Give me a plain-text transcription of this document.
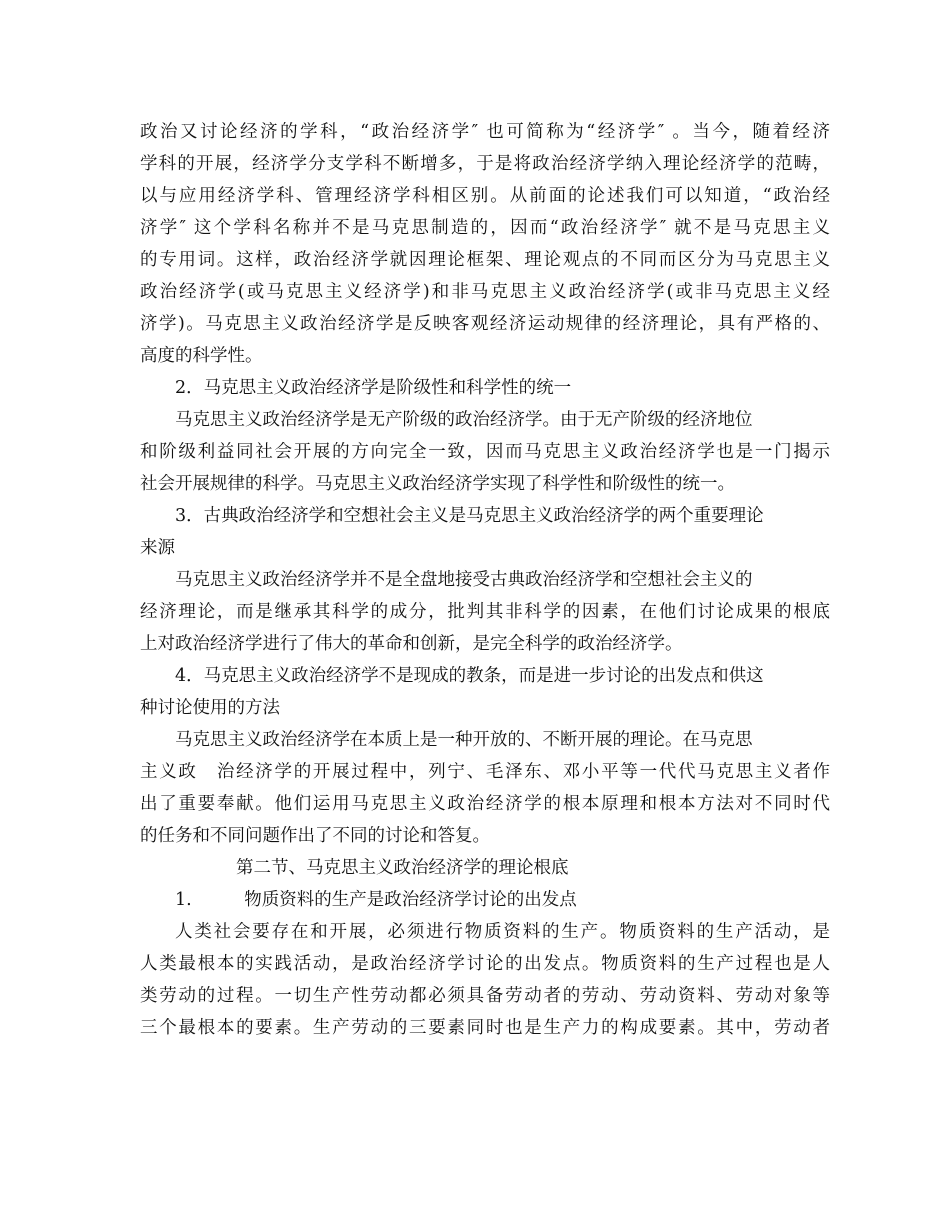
政治又讨论经济的学科，“政治经济学″ 也可简称为“经济学″ 。当今，随着经济
学科的开展，经济学分支学科不断增多，于是将政治经济学纳入理论经济学的范畴，
以与应用经济学科、管理经济学科相区别。从前面的论述我们可以知道，“政治经
济学″ 这个学科名称并不是马克思制造的，因而“政治经济学″ 就不是马克思主义
的专用词。这样，政治经济学就因理论框架、理论观点的不同而区分为马克思主义
政治经济学(或马克思主义经济学)和非马克思主义政治经济学(或非马克思主义经
济学)。马克思主义政治经济学是反映客观经济运动规律的经济理论，具有严格的、
高度的科学性。
2．马克思主义政治经济学是阶级性和科学性的统一
马克思主义政治经济学是无产阶级的政治经济学。由于无产阶级的经济地位
和阶级利益同社会开展的方向完全一致，因而马克思主义政治经济学也是一门揭示
社会开展规律的科学。马克思主义政治经济学实现了科学性和阶级性的统一。
3．古典政治经济学和空想社会主义是马克思主义政治经济学的两个重要理论
来源
马克思主义政治经济学并不是全盘地接受古典政治经济学和空想社会主义的
经济理论，而是继承其科学的成分，批判其非科学的因素，在他们讨论成果的根底
上对政治经济学进行了伟大的革命和创新，是完全科学的政治经济学。
4．马克思主义政治经济学不是现成的教条，而是进一步讨论的出发点和供这
种讨论使用的方法
马克思主义政治经济学在本质上是一种开放的、不断开展的理论。在马克思
主义政　治经济学的开展过程中，列宁、毛泽东、邓小平等一代代马克思主义者作
出了重要奉献。他们运用马克思主义政治经济学的根本原理和根本方法对不同时代
的任务和不同问题作出了不同的讨论和答复。
第二节、马克思主义政治经济学的理论根底
1.　　　物质资料的生产是政治经济学讨论的出发点
人类社会要存在和开展，必须进行物质资料的生产。物质资料的生产活动，是
人类最根本的实践活动，是政治经济学讨论的出发点。物质资料的生产过程也是人
类劳动的过程。一切生产性劳动都必须具备劳动者的劳动、劳动资料、劳动对象等
三个最根本的要素。生产劳动的三要素同时也是生产力的构成要素。其中，劳动者
